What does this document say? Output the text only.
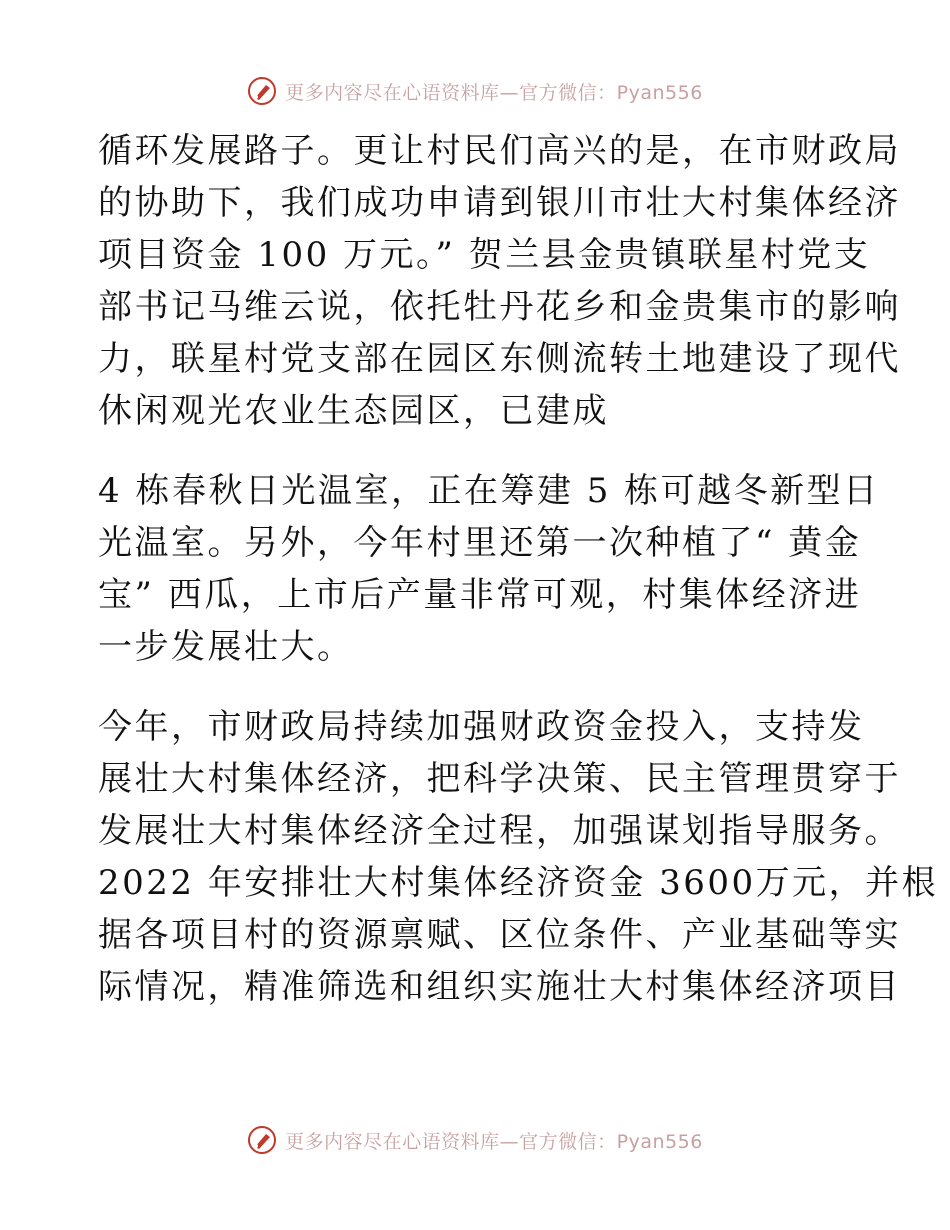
更多内容尽在心语资料库—官方微信：Pyan556
循环发展路子。更让村民们高兴的是，在市财政局
的协助下，我们成功申请到银川市壮大村集体经济
项目资金 100 万元。” 贺兰县金贵镇联星村党支
部书记马维云说，依托牡丹花乡和金贵集市的影响
力，联星村党支部在园区东侧流转土地建设了现代
休闲观光农业生态园区，已建成
4 栋春秋日光温室，正在筹建 5 栋可越冬新型日
光温室。另外，今年村里还第一次种植了“ 黄金
宝” 西瓜，上市后产量非常可观，村集体经济进
一步发展壮大。
今年，市财政局持续加强财政资金投入，支持发
展壮大村集体经济，把科学决策、民主管理贯穿于
发展壮大村集体经济全过程，加强谋划指导服务。
2022 年安排壮大村集体经济资金 3600万元，并根
据各项目村的资源禀赋、区位条件、产业基础等实
际情况，精准筛选和组织实施壮大村集体经济项目
更多内容尽在心语资料库—官方微信：Pyan556
